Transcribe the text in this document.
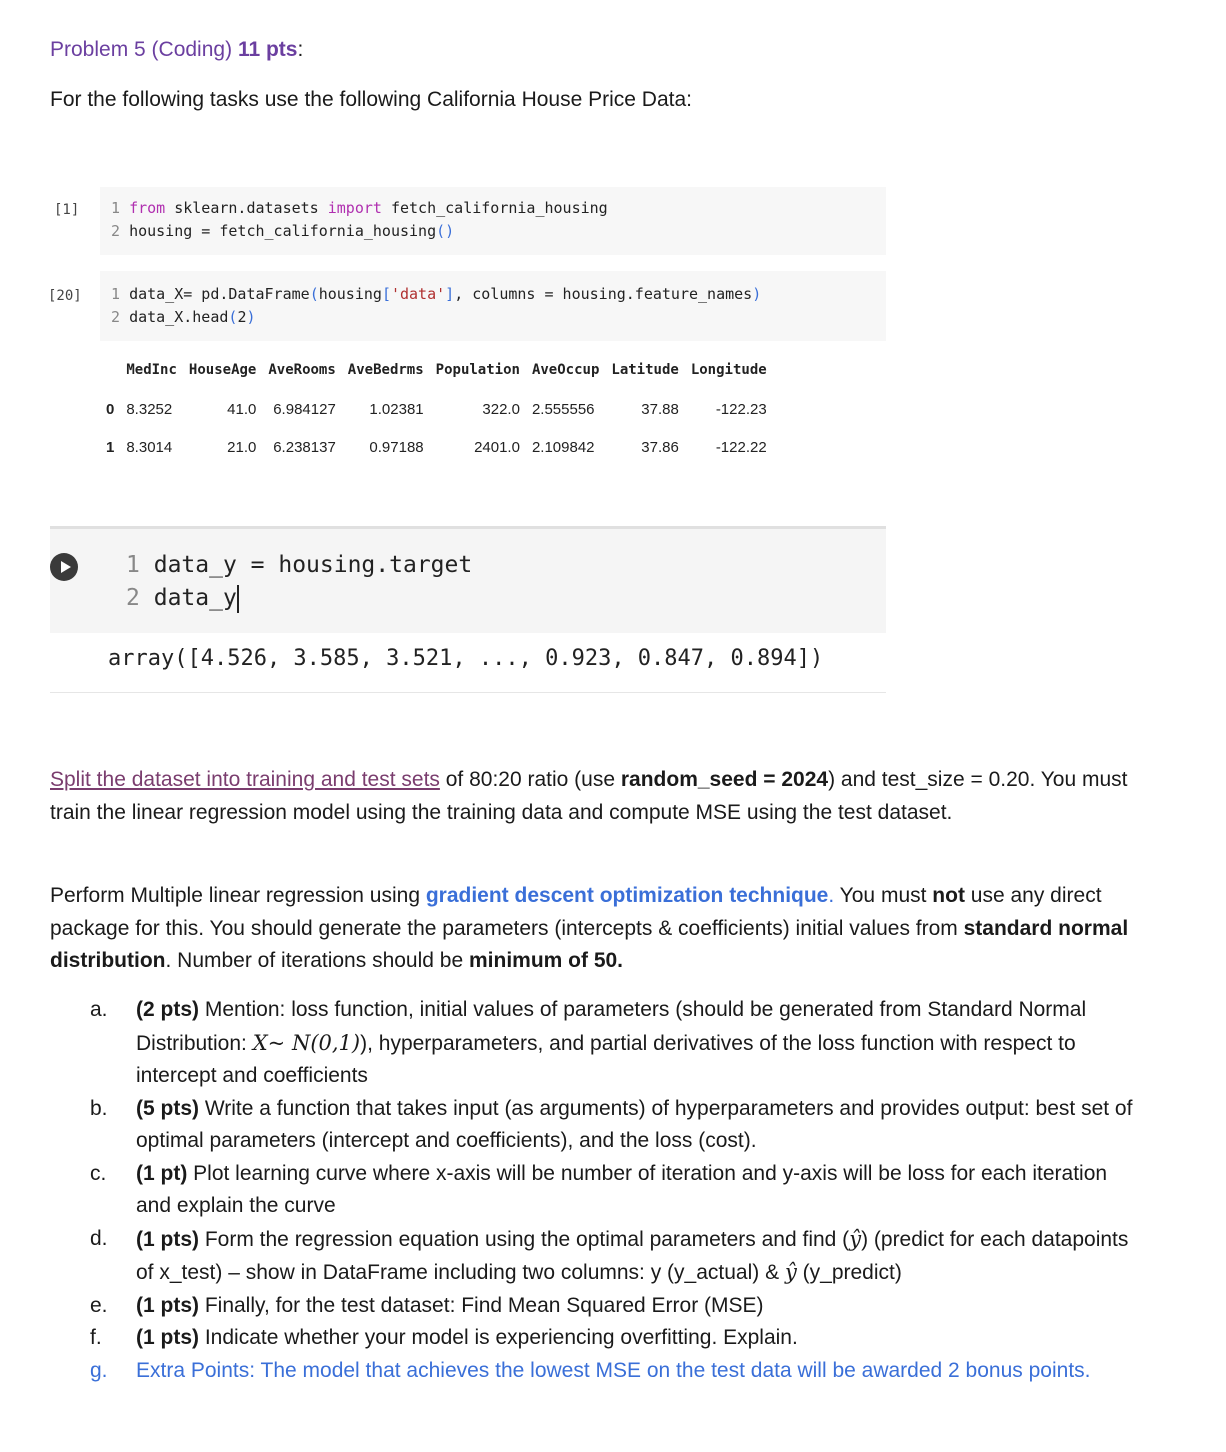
Problem 5 (Coding) 11 pts:
For the following tasks use the following California House Price Data:
[1] 1 from sklearn.datasets import fetch_california_housing
2 housing = fetch_california_housing()
[20] 1 data_X= pd.DataFrame(housing['data'], columns = housing.feature_names)
2 data_X.head(2)
	MedInc	HouseAge	AveRooms	AveBedrms	Population	AveOccup	Latitude	Longitude
0	8.3252	41.0	6.984127	1.02381	322.0	2.555556	37.88	-122.23
1	8.3014	21.0	6.238137	0.97188	2401.0	2.109842	37.86	-122.22
1 data_y = housing.target
2 data_y
array([4.526, 3.585, 3.521, ..., 0.923, 0.847, 0.894])
Split the dataset into training and test sets of 80:20 ratio (use random_seed = 2024) and test_size = 0.20. You must train the linear regression model using the training data and compute MSE using the test dataset.
Perform Multiple linear regression using gradient descent optimization technique. You must not use any direct package for this. You should generate the parameters (intercepts & coefficients) initial values from standard normal distribution. Number of iterations should be minimum of 50.
a.	(2 pts) Mention: loss function, initial values of parameters (should be generated from Standard Normal Distribution: X~ N(0,1)), hyperparameters, and partial derivatives of the loss function with respect to intercept and coefficients
b.	(5 pts) Write a function that takes input (as arguments) of hyperparameters and provides output: best set of optimal parameters (intercept and coefficients), and the loss (cost).
c.	(1 pt) Plot learning curve where x-axis will be number of iteration and y-axis will be loss for each iteration and explain the curve
d.	(1 pts) Form the regression equation using the optimal parameters and find (ŷ) (predict for each datapoints of x_test) – show in DataFrame including two columns: y (y_actual) & ŷ (y_predict)
e.	(1 pts) Finally, for the test dataset: Find Mean Squared Error (MSE)
f.	(1 pts) Indicate whether your model is experiencing overfitting. Explain.
g.	Extra Points: The model that achieves the lowest MSE on the test data will be awarded 2 bonus points.
